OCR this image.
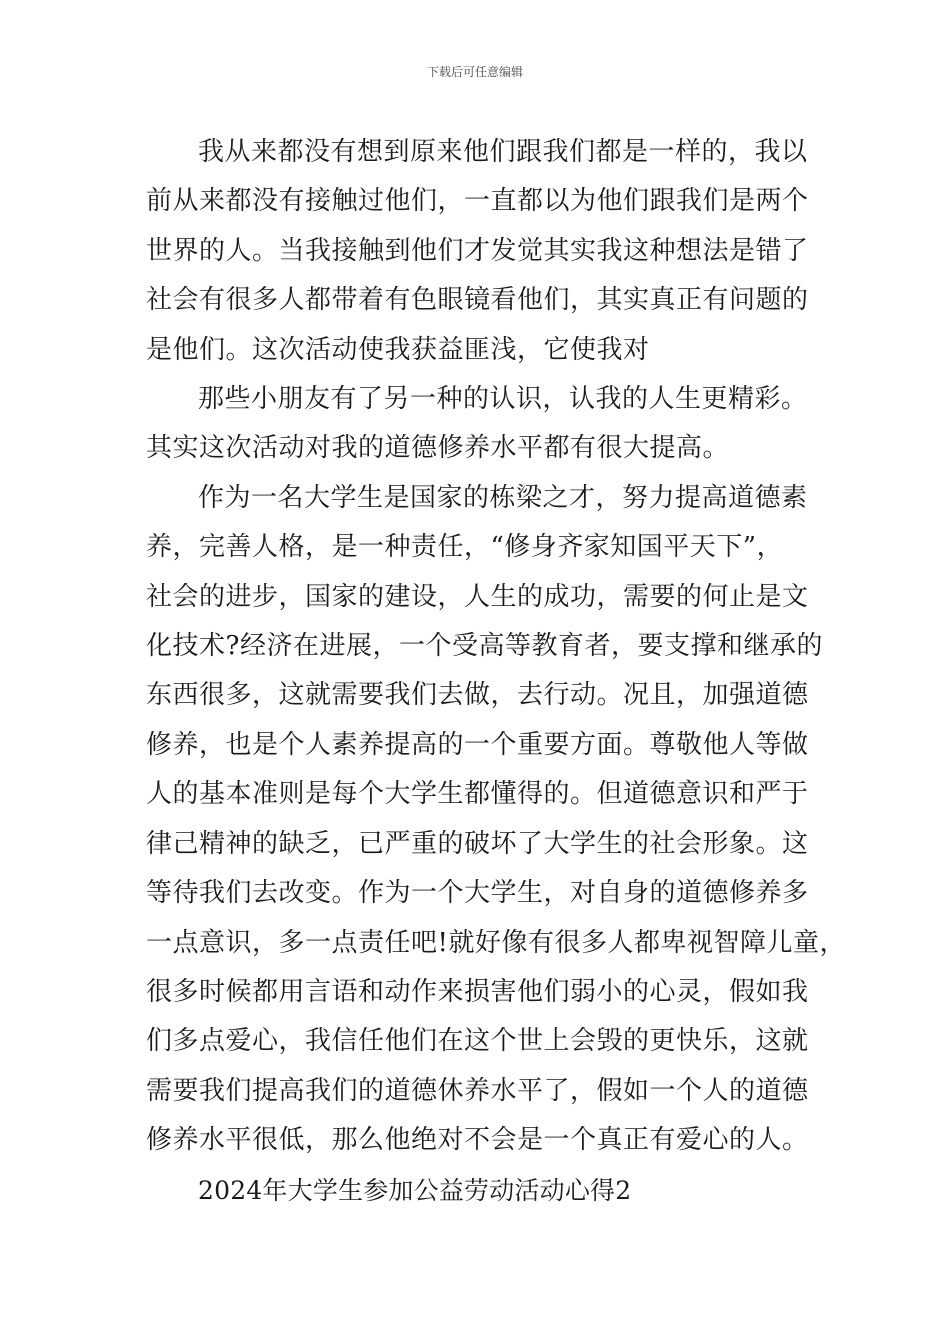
下载后可任意编辑

我从来都没有想到原来他们跟我们都是一样的，我以
前从来都没有接触过他们，一直都以为他们跟我们是两个
世界的人。当我接触到他们才发觉其实我这种想法是错了
社会有很多人都带着有色眼镜看他们，其实真正有问题的
是他们。这次活动使我获益匪浅，它使我对

那些小朋友有了另一种的认识，认我的人生更精彩。
其实这次活动对我的道德修养水平都有很大提高。

作为一名大学生是国家的栋梁之才，努力提高道德素
养，完善人格，是一种责任，“修身齐家知国平天下”，
社会的进步，国家的建设，人生的成功，需要的何止是文
化技术?经济在进展，一个受高等教育者，要支撑和继承的
东西很多，这就需要我们去做，去行动。况且，加强道德
修养，也是个人素养提高的一个重要方面。尊敬他人等做
人的基本准则是每个大学生都懂得的。但道德意识和严于
律己精神的缺乏，已严重的破坏了大学生的社会形象。这
等待我们去改变。作为一个大学生，对自身的道德修养多
一点意识，多一点责任吧!就好像有很多人都卑视智障儿童，
很多时候都用言语和动作来损害他们弱小的心灵，假如我
们多点爱心，我信任他们在这个世上会毁的更快乐，这就
需要我们提高我们的道德休养水平了，假如一个人的道德
修养水平很低，那么他绝对不会是一个真正有爱心的人。

2024年大学生参加公益劳动活动心得2
